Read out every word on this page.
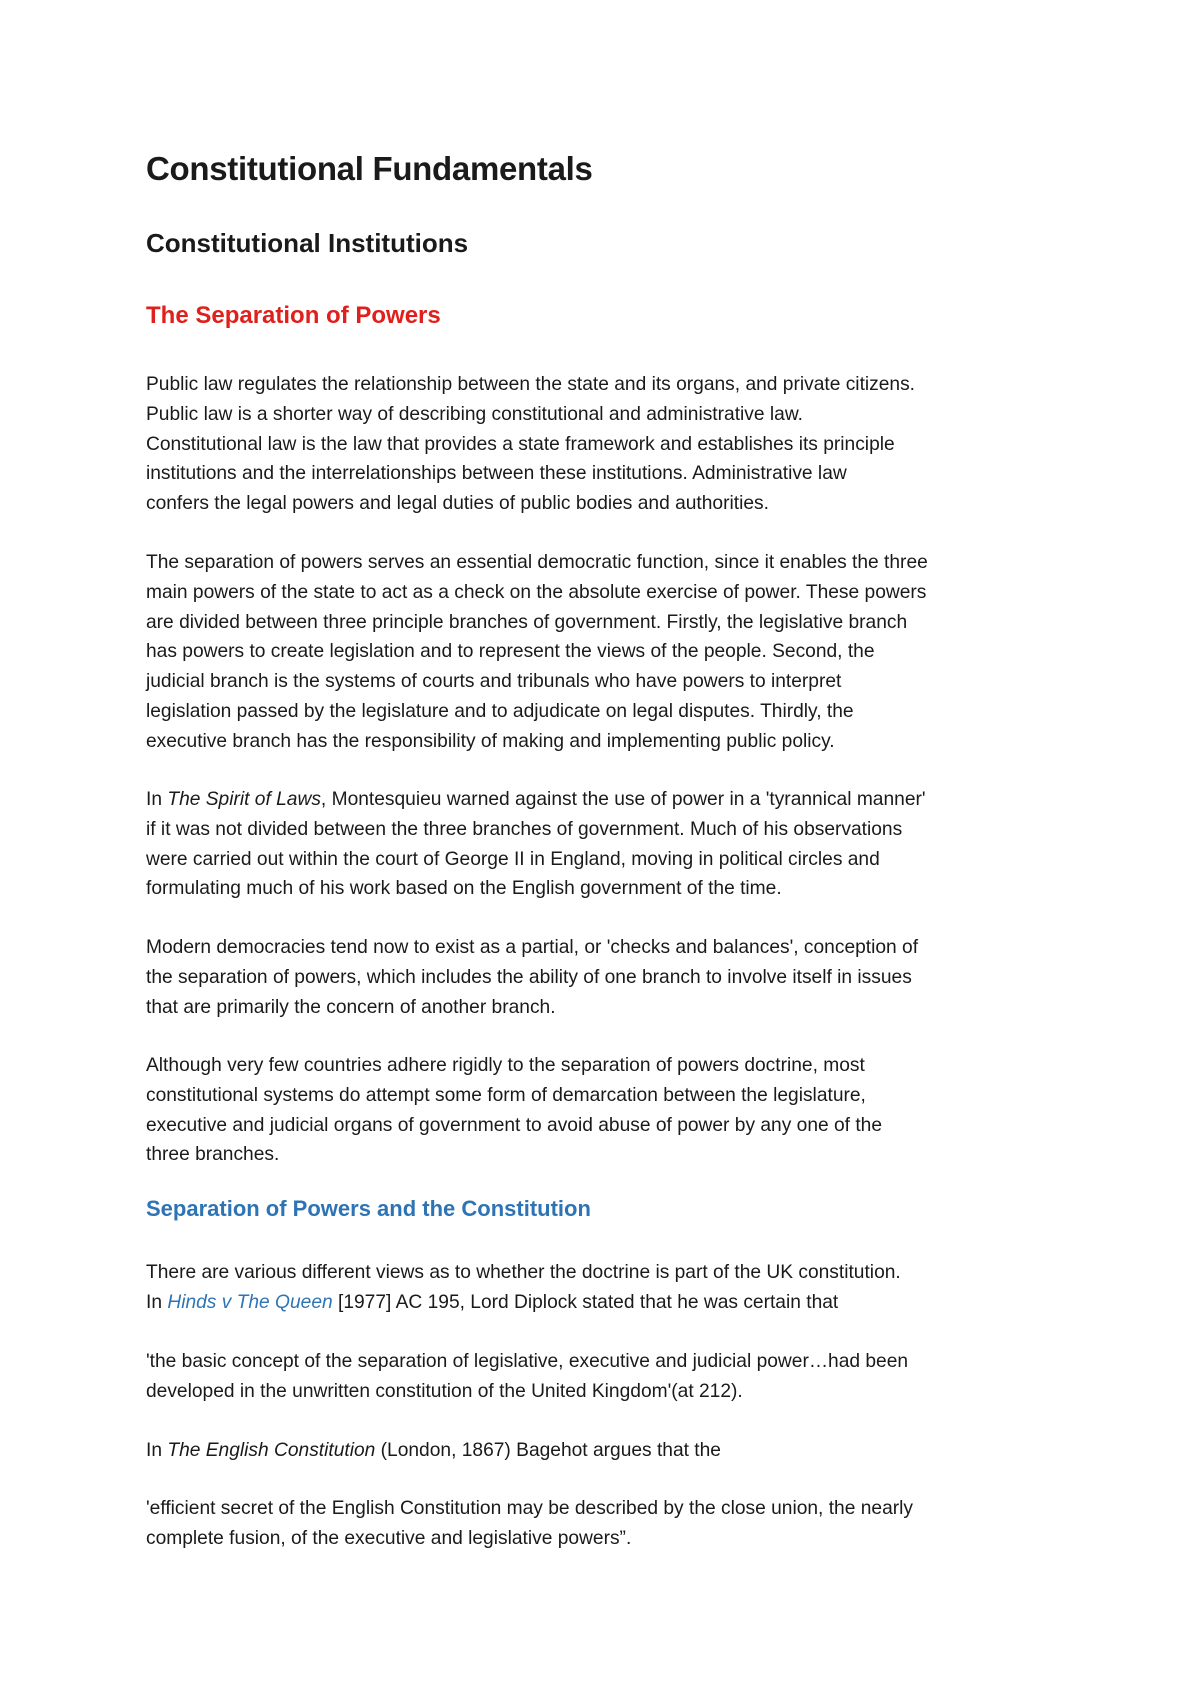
Constitutional Fundamentals
Constitutional Institutions
The Separation of Powers

Public law regulates the relationship between the state and its organs, and private citizens.
Public law is a shorter way of describing constitutional and administrative law.
Constitutional law is the law that provides a state framework and establishes its principle
institutions and the interrelationships between these institutions. Administrative law
confers the legal powers and legal duties of public bodies and authorities.

The separation of powers serves an essential democratic function, since it enables the three
main powers of the state to act as a check on the absolute exercise of power. These powers
are divided between three principle branches of government. Firstly, the legislative branch
has powers to create legislation and to represent the views of the people. Second, the
judicial branch is the systems of courts and tribunals who have powers to interpret
legislation passed by the legislature and to adjudicate on legal disputes. Thirdly, the
executive branch has the responsibility of making and implementing public policy.

In The Spirit of Laws, Montesquieu warned against the use of power in a 'tyrannical manner'
if it was not divided between the three branches of government. Much of his observations
were carried out within the court of George II in England, moving in political circles and
formulating much of his work based on the English government of the time.

Modern democracies tend now to exist as a partial, or 'checks and balances', conception of
the separation of powers, which includes the ability of one branch to involve itself in issues
that are primarily the concern of another branch.

Although very few countries adhere rigidly to the separation of powers doctrine, most
constitutional systems do attempt some form of demarcation between the legislature,
executive and judicial organs of government to avoid abuse of power by any one of the
three branches.

Separation of Powers and the Constitution

There are various different views as to whether the doctrine is part of the UK constitution.
In Hinds v The Queen [1977] AC 195, Lord Diplock stated that he was certain that

'the basic concept of the separation of legislative, executive and judicial power…had been
developed in the unwritten constitution of the United Kingdom'(at 212).

In The English Constitution (London, 1867) Bagehot argues that the

'efficient secret of the English Constitution may be described by the close union, the nearly
complete fusion, of the executive and legislative powers”.
